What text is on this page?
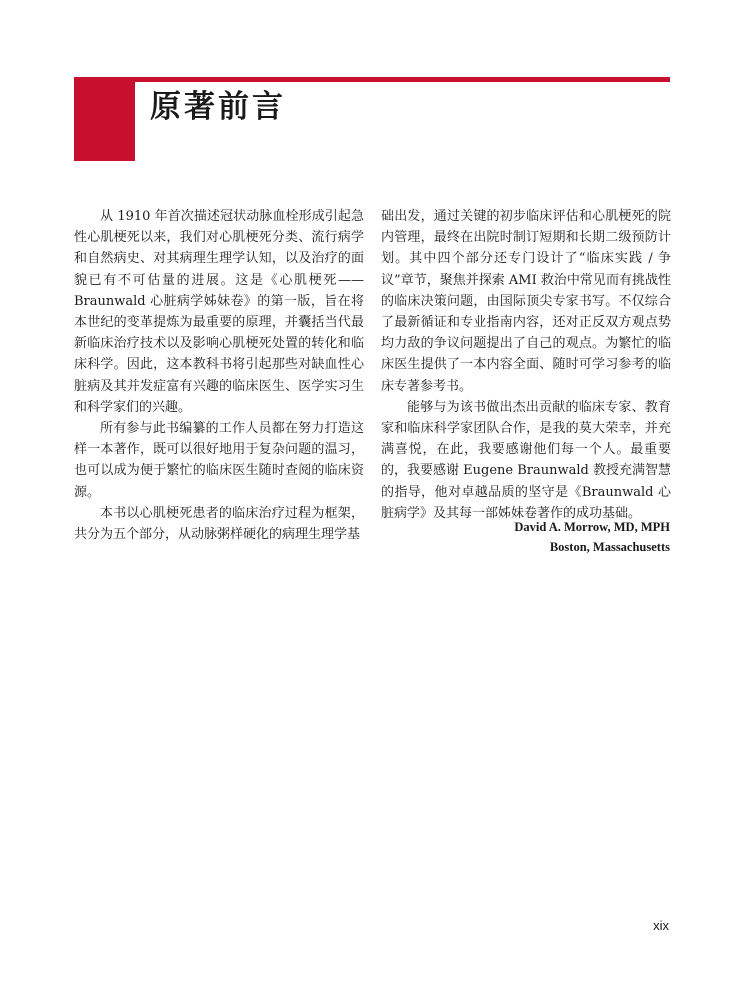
原著前言

从 1910 年首次描述冠状动脉血栓形成引起急性心肌梗死以来，我们对心肌梗死分类、流行病学和自然病史、对其病理生理学认知，以及治疗的面貌已有不可估量的进展。这是《心肌梗死——Braunwald 心脏病学姊妹卷》的第一版，旨在将本世纪的变革提炼为最重要的原理，并囊括当代最新临床治疗技术以及影响心肌梗死处置的转化和临床科学。因此，这本教科书将引起那些对缺血性心脏病及其并发症富有兴趣的临床医生、医学实习生和科学家们的兴趣。

所有参与此书编纂的工作人员都在努力打造这样一本著作，既可以很好地用于复杂问题的温习，也可以成为便于繁忙的临床医生随时查阅的临床资源。

本书以心肌梗死患者的临床治疗过程为框架，共分为五个部分，从动脉粥样硬化的病理生理学基

础出发，通过关键的初步临床评估和心肌梗死的院内管理，最终在出院时制订短期和长期二级预防计划。其中四个部分还专门设计了“临床实践 / 争议”章节，聚焦并探索 AMI 救治中常见而有挑战性的临床决策问题，由国际顶尖专家书写。不仅综合了最新循证和专业指南内容，还对正反双方观点势均力敌的争议问题提出了自己的观点。为繁忙的临床医生提供了一本内容全面、随时可学习参考的临床专著参考书。

能够与为该书做出杰出贡献的临床专家、教育家和临床科学家团队合作，是我的莫大荣幸，并充满喜悦，在此，我要感谢他们每一个人。最重要的，我要感谢 Eugene Braunwald 教授充满智慧的指导，他对卓越品质的坚守是《Braunwald 心脏病学》及其每一部姊妹卷著作的成功基础。

David A. Morrow, MD, MPH
Boston, Massachusetts
xix
